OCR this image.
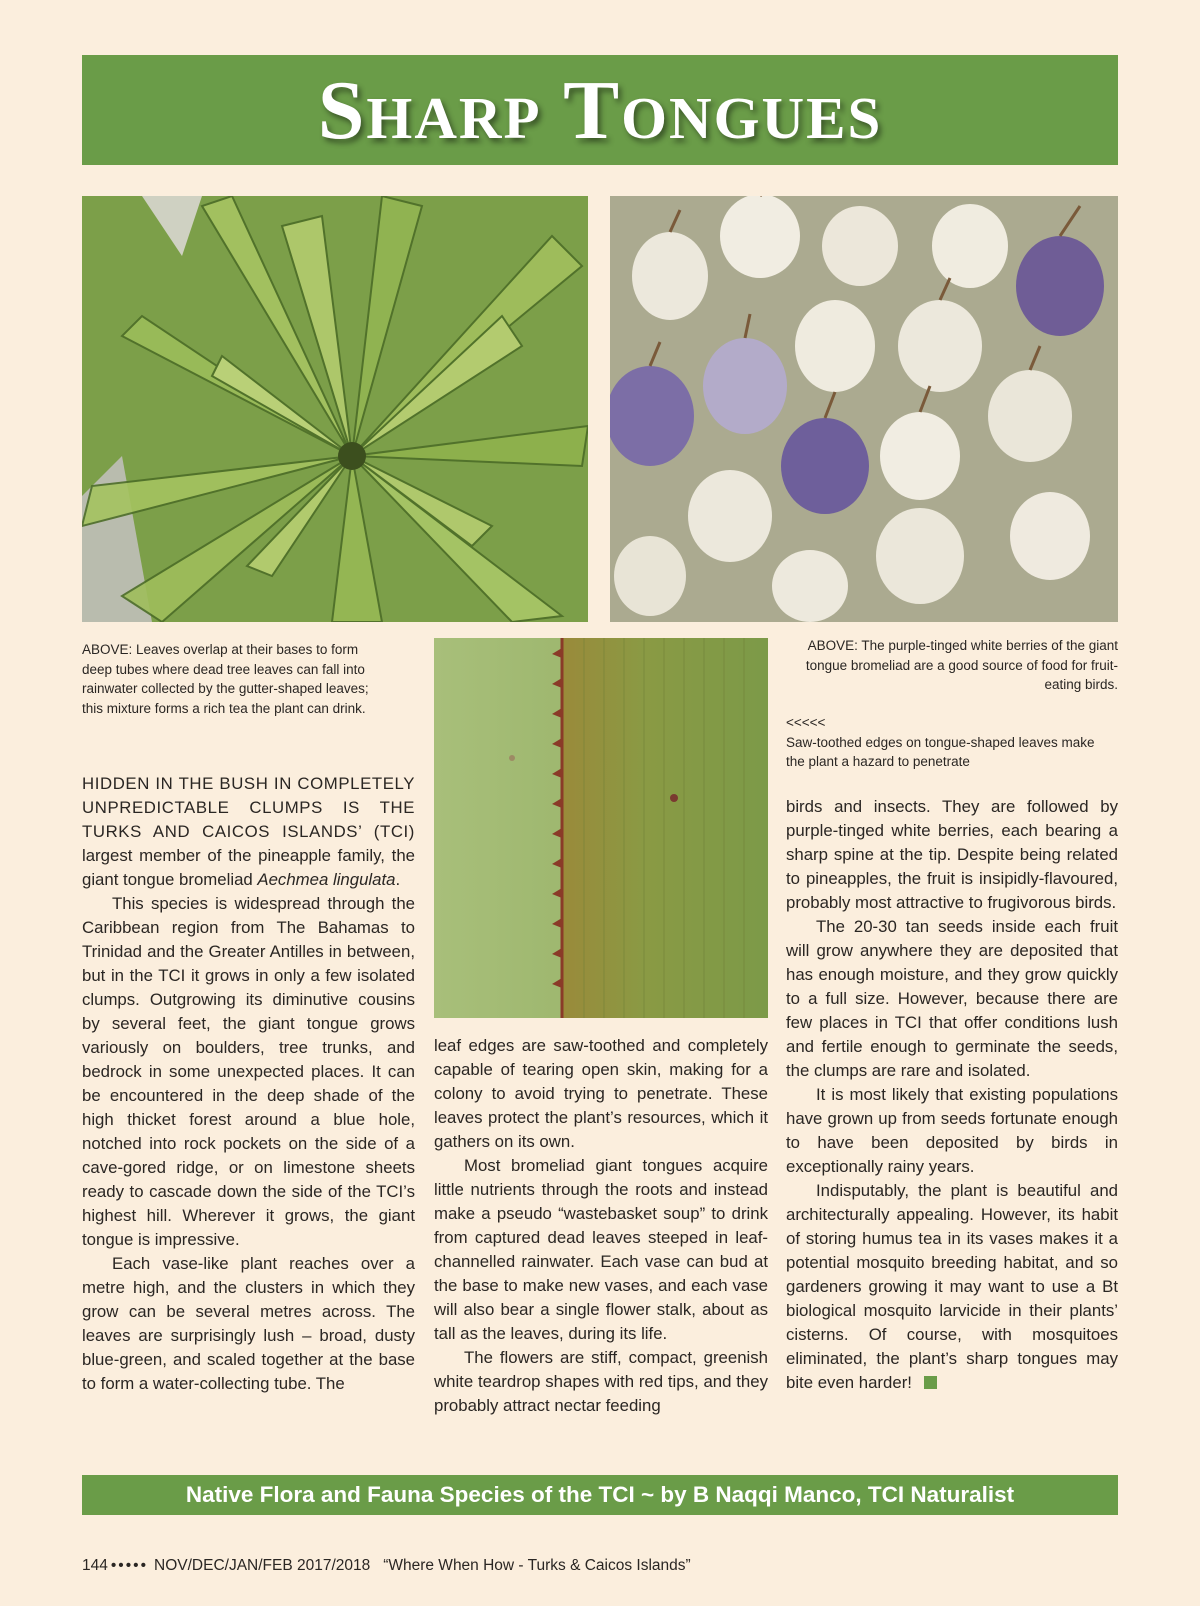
Sharp Tongues
ABOVE: Leaves overlap at their bases to form deep tubes where dead tree leaves can fall into rainwater collected by the gutter-shaped leaves; this mixture forms a rich tea the plant can drink.
ABOVE: The purple-tinged white berries of the giant tongue bromeliad are a good source of food for fruit-eating birds.
<<<<<
Saw-toothed edges on tongue-shaped leaves make the plant a hazard to penetrate

HIDDEN IN THE BUSH IN COMPLETELY UNPREDICTABLE CLUMPS IS THE TURKS AND CAICOS ISLANDS’ (TCI) largest member of the pineapple family, the giant tongue bromeliad Aechmea lingulata.

This species is widespread through the Caribbean region from The Bahamas to Trinidad and the Greater Antilles in between, but in the TCI it grows in only a few isolated clumps. Outgrowing its diminutive cousins by several feet, the giant tongue grows variously on boulders, tree trunks, and bedrock in some unexpected places. It can be encountered in the deep shade of the high thicket forest around a blue hole, notched into rock pockets on the side of a cave-gored ridge, or on limestone sheets ready to cascade down the side of the TCI’s highest hill. Wherever it grows, the giant tongue is impressive.

Each vase-like plant reaches over a metre high, and the clusters in which they grow can be several metres across. The leaves are surprisingly lush – broad, dusty blue-green, and scaled together at the base to form a water-collecting tube. The

leaf edges are saw-toothed and completely capable of tearing open skin, making for a colony to avoid trying to penetrate. These leaves protect the plant’s resources, which it gathers on its own.

Most bromeliad giant tongues acquire little nutrients through the roots and instead make a pseudo “wastebasket soup” to drink from captured dead leaves steeped in leaf-channelled rainwater. Each vase can bud at the base to make new vases, and each vase will also bear a single flower stalk, about as tall as the leaves, during its life.

The flowers are stiff, compact, greenish white teardrop shapes with red tips, and they probably attract nectar feeding

birds and insects. They are followed by purple-tinged white berries, each bearing a sharp spine at the tip. Despite being related to pineapples, the fruit is insipidly-flavoured, probably most attractive to frugivorous birds.

The 20-30 tan seeds inside each fruit will grow anywhere they are deposited that has enough moisture, and they grow quickly to a full size. However, because there are few places in TCI that offer conditions lush and fertile enough to germinate the seeds, the clumps are rare and isolated.

It is most likely that existing populations have grown up from seeds fortunate enough to have been deposited by birds in exceptionally rainy years.

Indisputably, the plant is beautiful and architecturally appealing. However, its habit of storing humus tea in its vases makes it a potential mosquito breeding habitat, and so gardeners growing it may want to use a Bt biological mosquito larvicide in their plants’ cisterns. Of course, with mosquitoes eliminated, the plant’s sharp tongues may bite even harder!

Native Flora and Fauna Species of the TCI ~ by B Naqqi Manco, TCI Naturalist
144 ••••• NOV/DEC/JAN/FEB 2017/2018 “Where When How - Turks & Caicos Islands”
